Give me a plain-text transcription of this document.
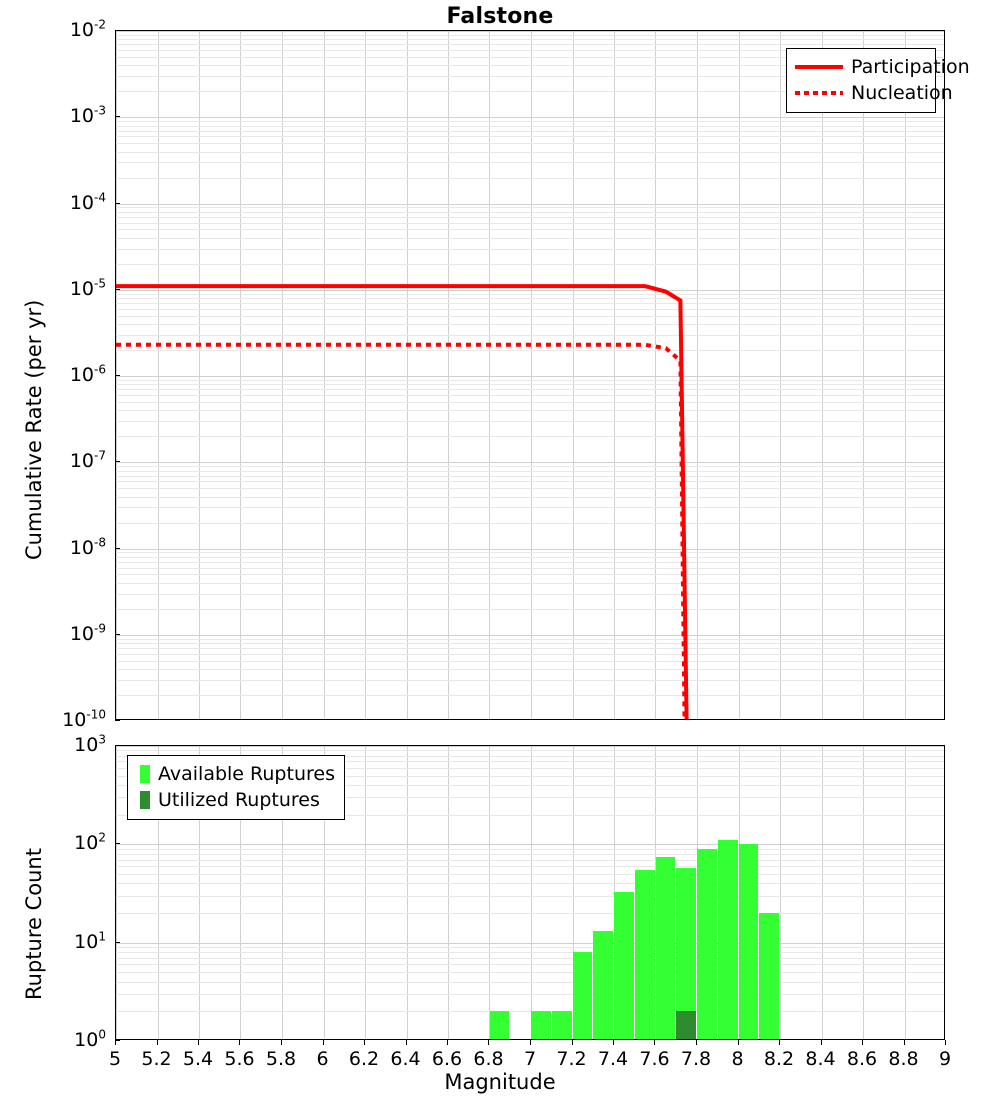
Falstone
Cumulative Rate (per yr)
$10^{-2}$
$10^{-3}$
$10^{-4}$
$10^{-5}$
$10^{-6}$
$10^{-7}$
$10^{-8}$
$10^{-9}$
$10^{-10}$
Participation
Nucleation
Rupture Count
$10^0$
$10^1$
$10^2$
$10^3$
5 5.2 5.4 5.6 5.8 6 6.2 6.4 6.6 6.8 7 7.2 7.4 7.6 7.8 8 8.2 8.4 8.6 8.8 9
Magnitude
Available Ruptures
Utilized Ruptures
